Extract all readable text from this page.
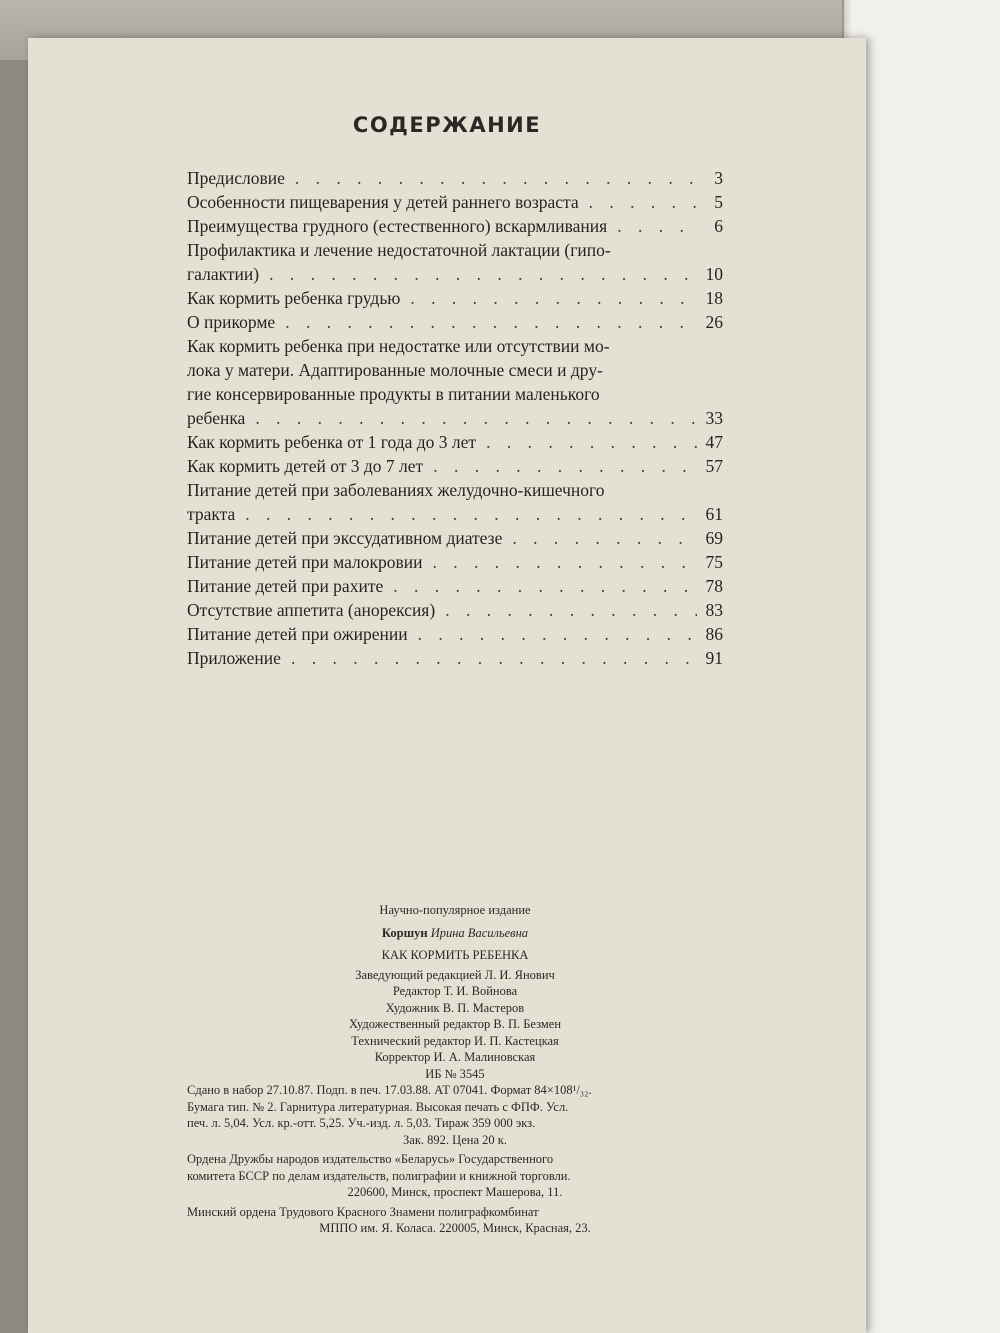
СОДЕРЖАНИЕ
Предисловие . . .	3
Особенности пищеварения у детей раннего возраста . . .	5
Преимущества грудного (естественного) вскармливания . . .	6
Профилактика и лечение недостаточной лактации (гипо-
галактии) . . .	10
Как кормить ребенка грудью . . .	18
О прикорме . . .	26
Как кормить ребенка при недостатке или отсутствии мо-
лока у матери. Адаптированные молочные смеси и дру-
гие консервированные продукты в питании маленького
ребенка . . .	33
Как кормить ребенка от 1 года до 3 лет . . .	47
Как кормить детей от 3 до 7 лет . . .	57
Питание детей при заболеваниях желудочно-кишечного
тракта . . .	61
Питание детей при экссудативном диатезе . . .	69
Питание детей при малокровии . . .	75
Питание детей при рахите . . .	78
Отсутствие аппетита (анорексия) . . .	83
Питание детей при ожирении . . .	86
Приложение . . .	91
Научно-популярное издание
Коршун Ирина Васильевна
КАК КОРМИТЬ РЕБЕНКА
Заведующий редакцией Л. И. Янович
Редактор Т. И. Войнова
Художник В. П. Мастеров
Художественный редактор В. П. Безмен
Технический редактор И. П. Кастецкая
Корректор И. А. Малиновская
ИБ № 3545
Сдано в набор 27.10.87. Подп. в печ. 17.03.88. АТ 07041. Формат 84×108¹/₃₂.
Бумага тип. № 2. Гарнитура литературная. Высокая печать с ФПФ. Усл.
печ. л. 5,04. Усл. кр.-отт. 5,25. Уч.-изд. л. 5,03. Тираж 359 000 экз.
Зак. 892. Цена 20 к.
Ордена Дружбы народов издательство «Беларусь» Государственного
комитета БССР по делам издательств, полиграфии и книжной торговли.
220600, Минск, проспект Машерова, 11.
Минский ордена Трудового Красного Знамени полиграфкомбинат
МППО им. Я. Коласа. 220005, Минск, Красная, 23.
